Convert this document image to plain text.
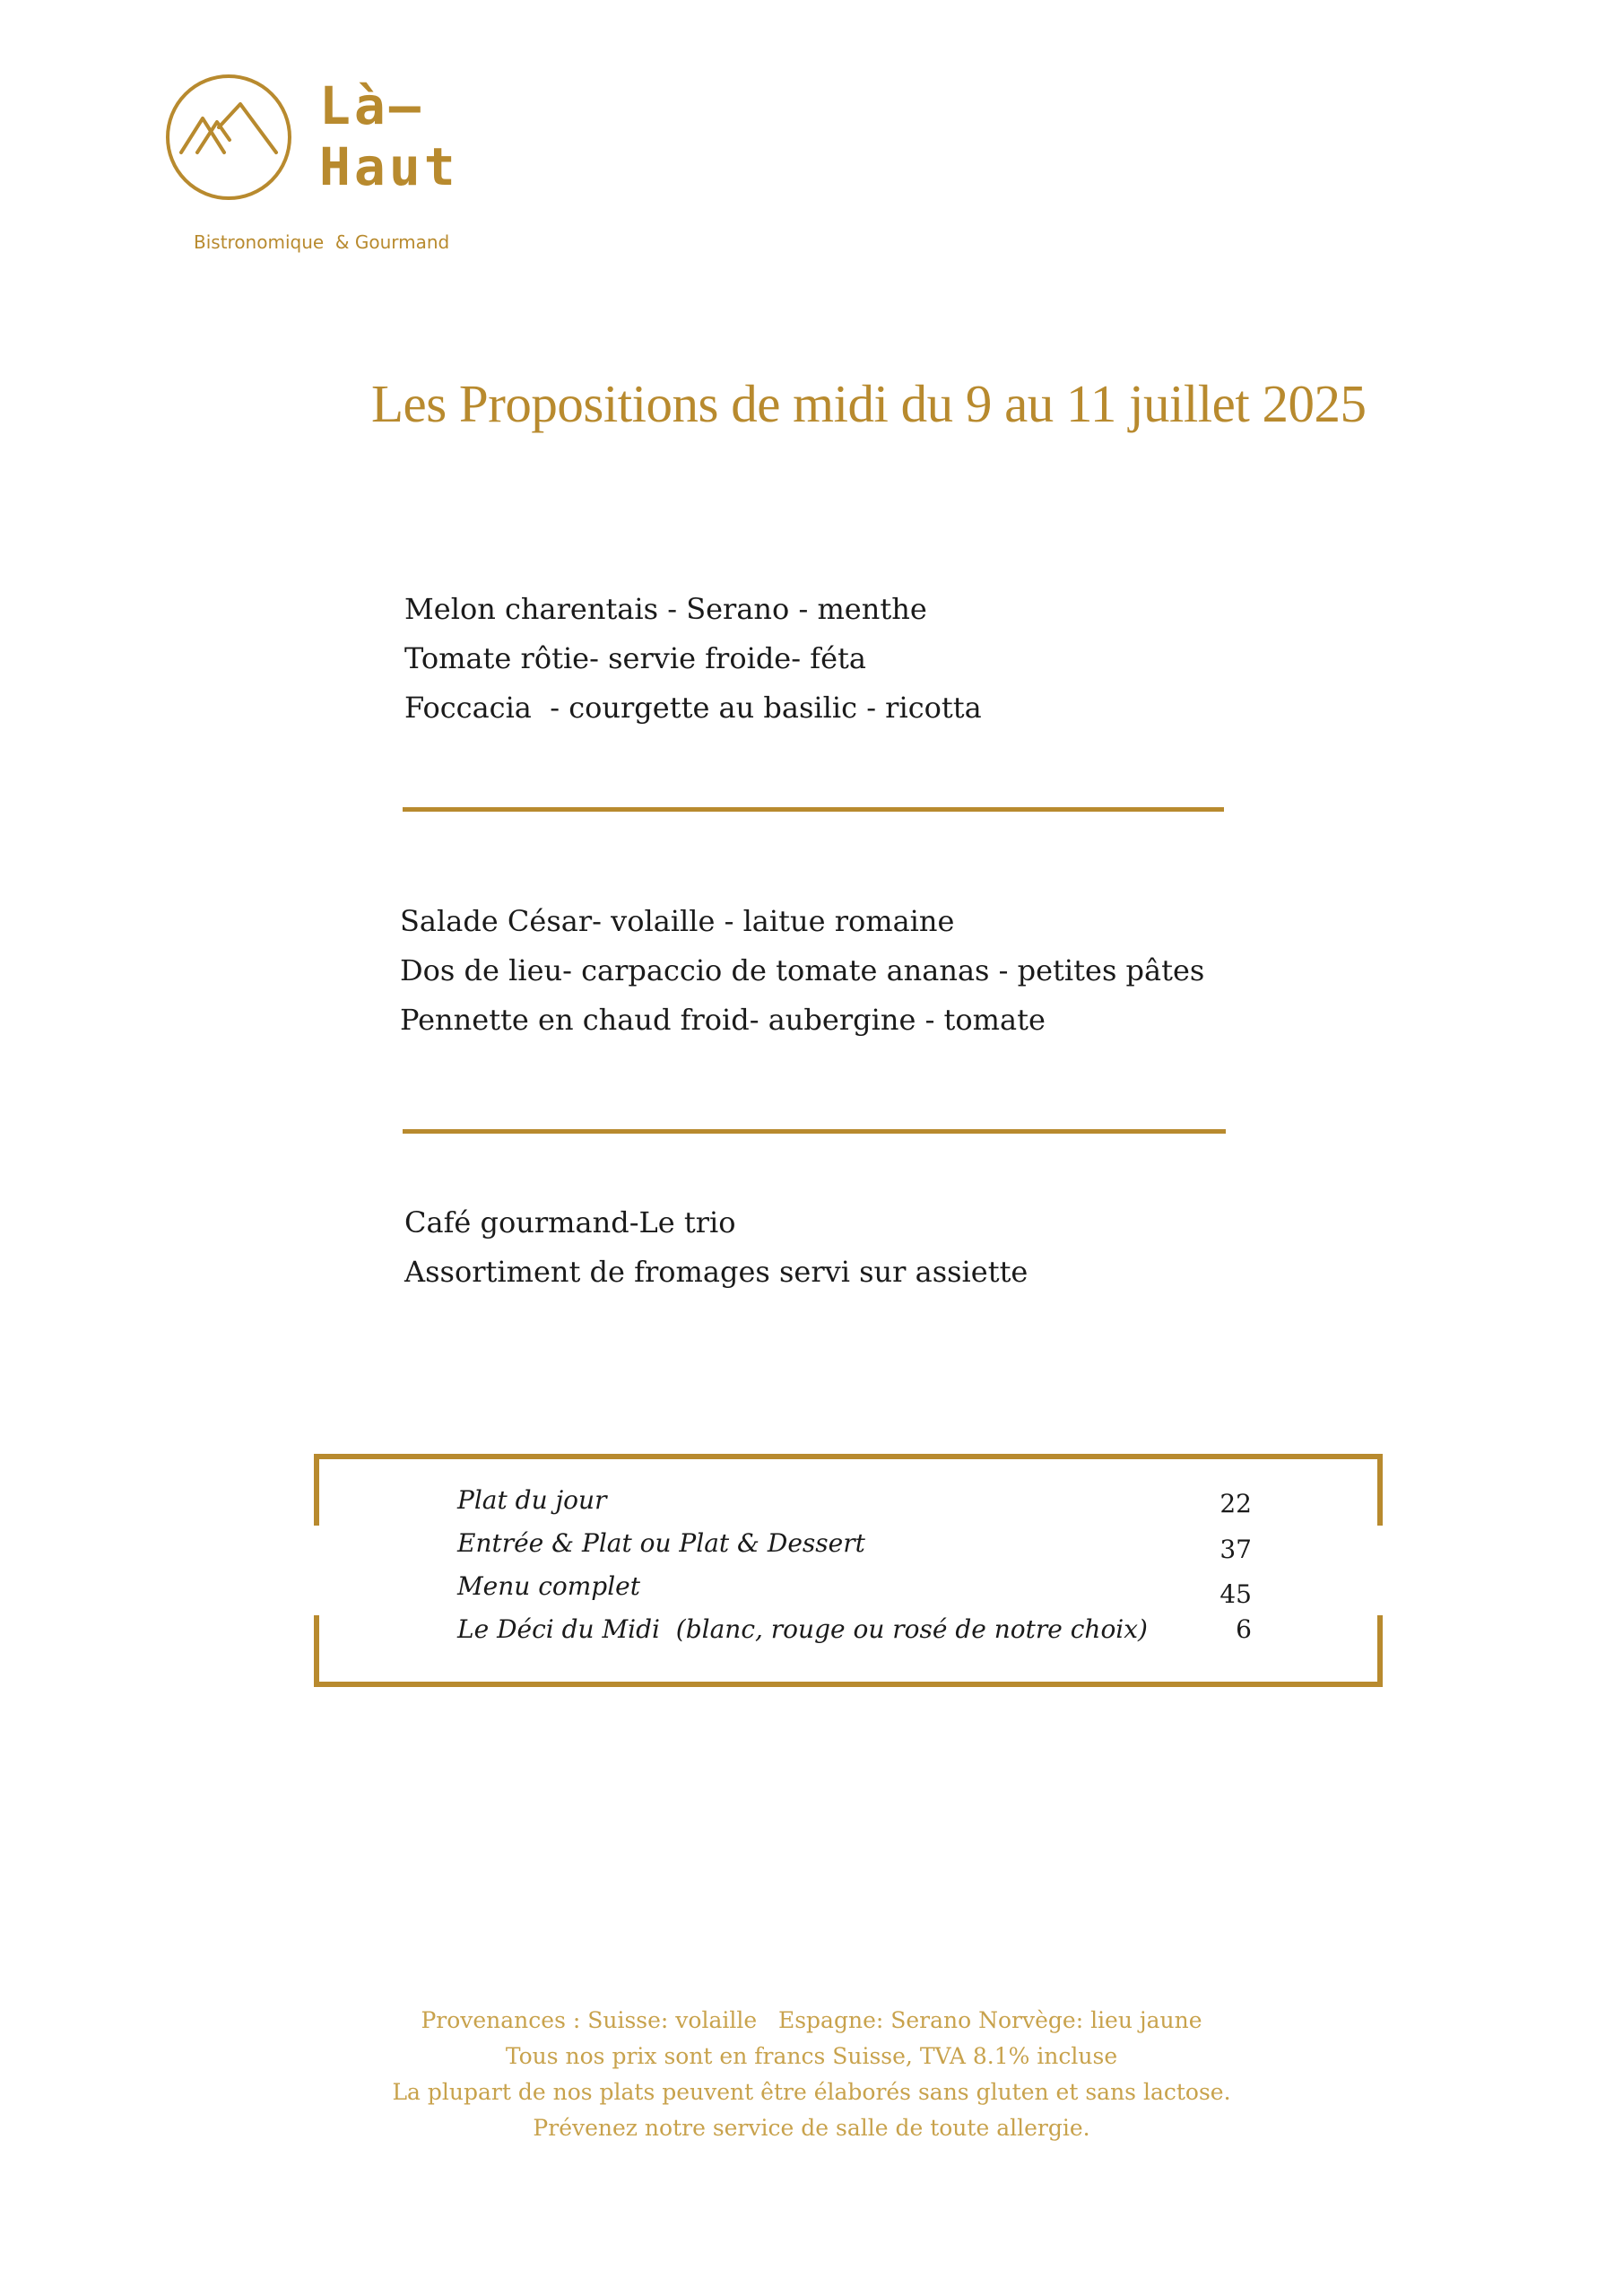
Là—
Haut
Bistronomique  & Gourmand
Les Propositions de midi du 9 au 11 juillet 2025
Melon charentais - Serano - menthe
Tomate rôtie- servie froide- féta
Foccacia  - courgette au basilic - ricotta
Salade César- volaille - laitue romaine
Dos de lieu- carpaccio de tomate ananas - petites pâtes
Pennette en chaud froid- aubergine - tomate
Café gourmand-Le trio
Assortiment de fromages servi sur assiette
Plat du jour	22
Entrée & Plat ou Plat & Dessert	37
Menu complet	45
Le Déci du Midi  (blanc, rouge ou rosé de notre choix)	6
Provenances : Suisse: volaille   Espagne: Serano Norvège: lieu jaune
Tous nos prix sont en francs Suisse, TVA 8.1% incluse
La plupart de nos plats peuvent être élaborés sans gluten et sans lactose.
Prévenez notre service de salle de toute allergie.
